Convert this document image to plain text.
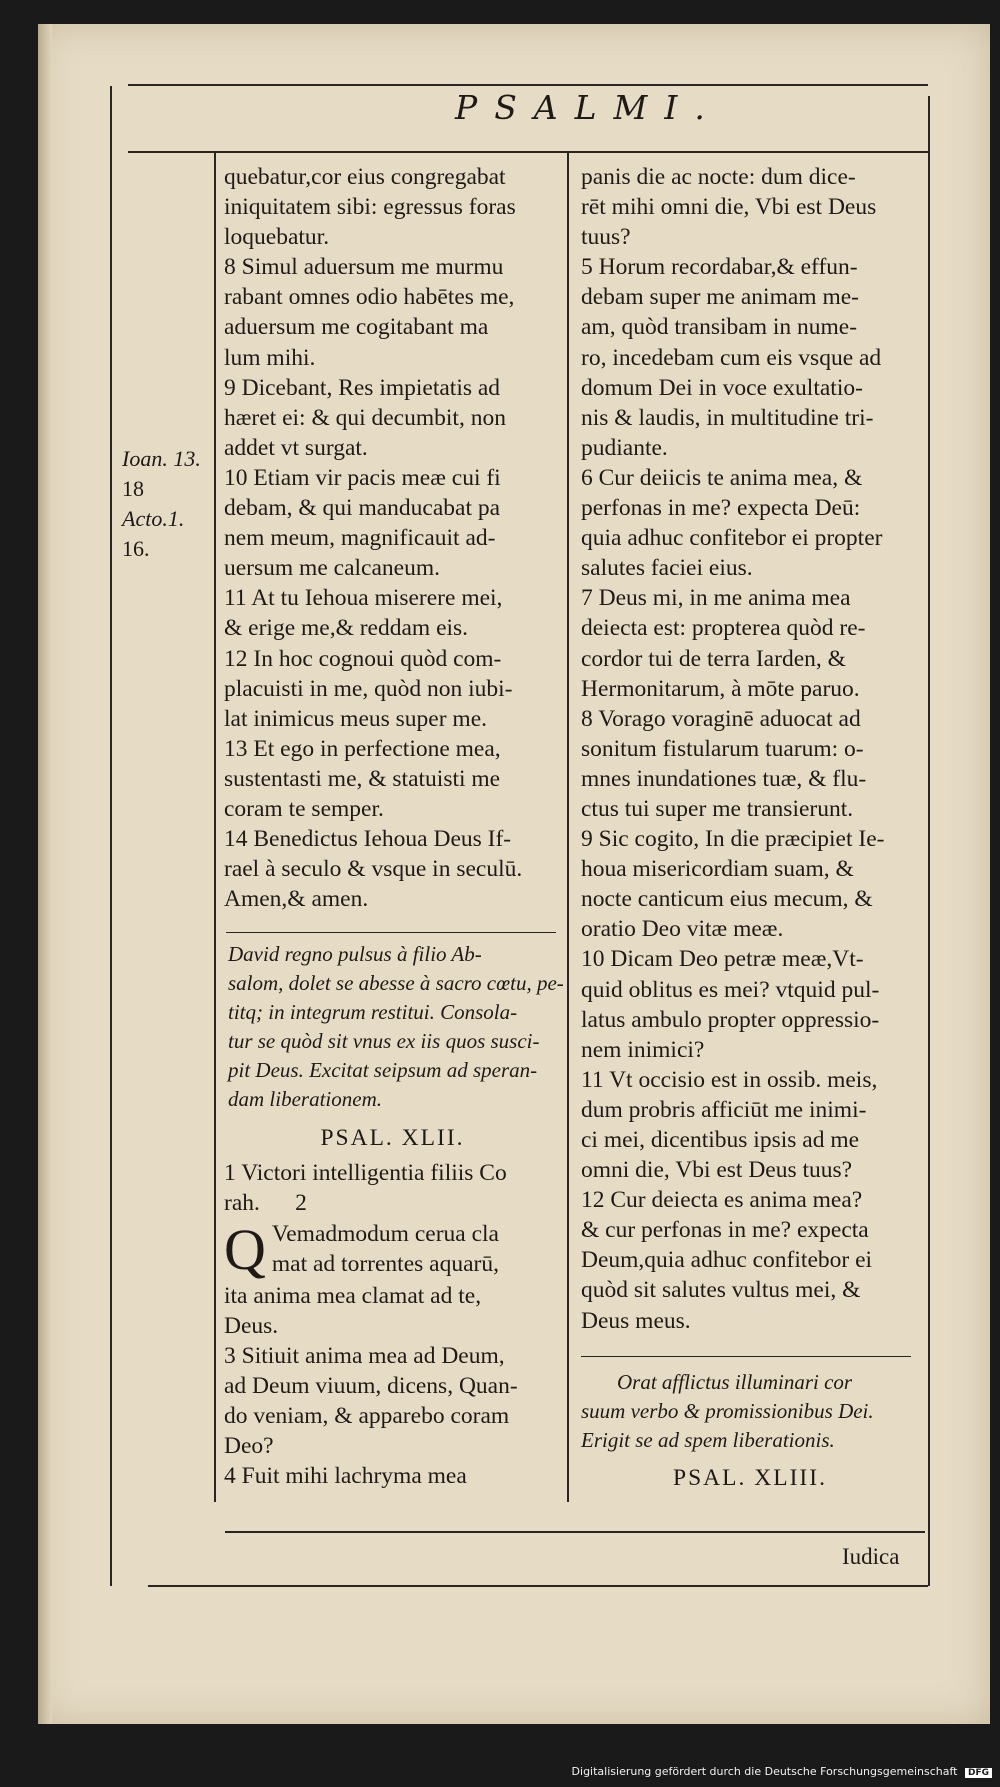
PSALMI.
Ioan. 13.
18
Acto.1.
16.
quebatur,cor eius congregabat
iniquitatem sibi: egressus foras
loquebatur.
8 Simul aduersum me murmu
rabant omnes odio habētes me,
aduersum me cogitabant ma
lum mihi.
9 Dicebant, Res impietatis ad
hæret ei: & qui decumbit, non
addet vt surgat.
10 Etiam vir pacis meæ cui fi
debam, & qui manducabat pa
nem meum, magnificauit ad-
uersum me calcaneum.
11 At tu Iehoua miserere mei,
& erige me,& reddam eis.
12 In hoc cognoui quòd com-
placuisti in me, quòd non iubi-
lat inimicus meus super me.
13 Et ego in perfectione mea,
sustentasti me, & statuisti me
coram te semper.
14 Benedictus Iehoua Deus If-
rael à seculo & vsque in seculū.
Amen,& amen.
David regno pulsus à filio Ab-
salom, dolet se abesse à sacro cœtu, pe-
titq; in integrum restitui. Consola-
tur se quòd sit vnus ex iis quos susci-
pit Deus. Excitat seipsum ad speran-
dam liberationem.
PSAL. XLII.
1 Victori intelligentia filiis Co
rah.      2
Q Vemadmodum ceruа cla
mat ad torrentes aquarū,
ita anima mea clamat ad te,
Deus.
3 Sitiuit anima mea ad Deum,
ad Deum viuum, dicens, Quan-
do veniam, & apparebo coram
Deo?
4 Fuit mihi lachryma mea
panis die ac nocte: dum dice-
rēt mihi omni die, Vbi est Deus
tuus?
5 Horum recordabar,& effun-
debam super me animam me-
am, quòd transibam in nume-
ro, incedebam cum eis vsque ad
domum Dei in voce exultatio-
nis & laudis, in multitudine tri-
pudiante.
6 Cur deiicis te anima mea, &
perfonas in me? expecta Deū:
quia adhuc confitebor ei propter
salutes faciei eius.
7 Deus mi, in me anima mea
deiecta est: propterea quòd re-
cordor tui de terra Iarden, &
Hermonitarum, à mōte paruo.
8 Vorago voraginē aduocat ad
sonitum fistularum tuarum: o-
mnes inundationes tuæ, & flu-
ctus tui super me transierunt.
9 Sic cogito, In die præcipiet Ie-
houa misericordiam suam, &
nocte canticum eius mecum, &
oratio Deo vitæ meæ.
10 Dicam Deo petræ meæ,Vt-
quid oblitus es mei? vtquid pul-
latus ambulo propter oppressio-
nem inimici?
11 Vt occisio est in ossib. meis,
dum probris afficiūt me inimi-
ci mei, dicentibus ipsis ad me
omni die, Vbi est Deus tuus?
12 Cur deiecta es anima mea?
& cur perfonas in me? expecta
Deum,quia adhuc confitebor ei
quòd sit salutes vultus mei, &
Deus meus.
Orat afflictus illuminari cor
suum verbo & promissionibus Dei.
Erigit se ad spem liberationis.
PSAL. XLIII.
Iudica
Digitalisierung gefördert durch die Deutsche Forschungsgemeinschaft DFG
